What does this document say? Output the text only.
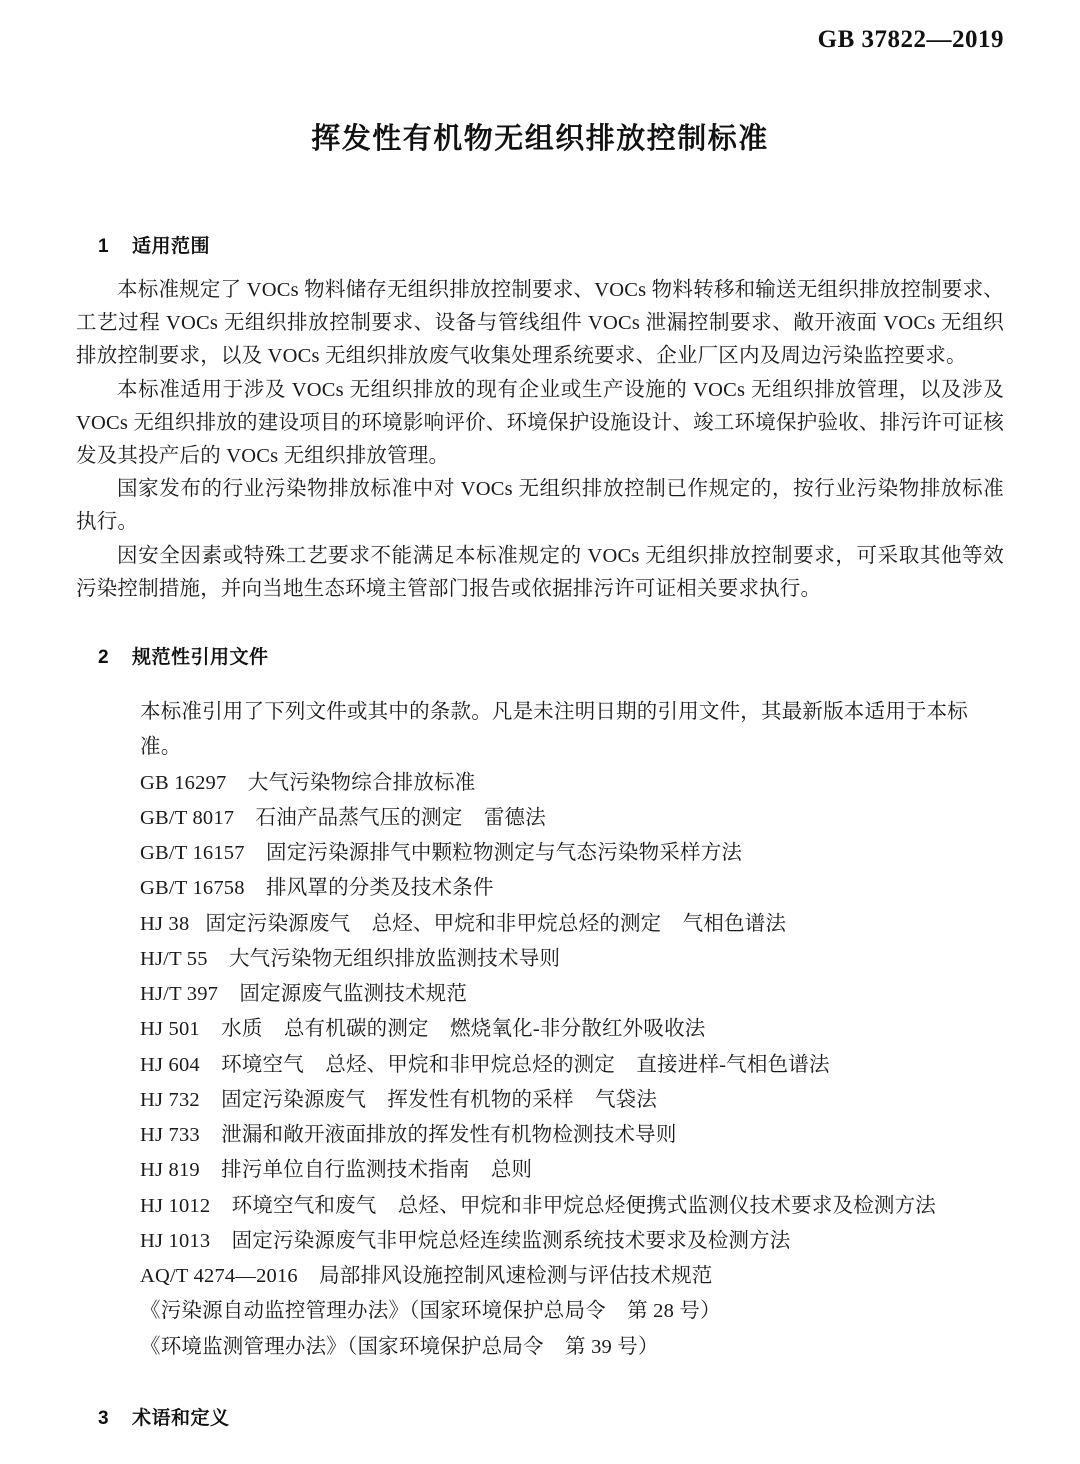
GB 37822—2019
挥发性有机物无组织排放控制标准
1 适用范围

本标准规定了 VOCs 物料储存无组织排放控制要求、VOCs 物料转移和输送无组织排放控制要求、工艺过程 VOCs 无组织排放控制要求、设备与管线组件 VOCs 泄漏控制要求、敞开液面 VOCs 无组织排放控制要求，以及 VOCs 无组织排放废气收集处理系统要求、企业厂区内及周边污染监控要求。

本标准适用于涉及 VOCs 无组织排放的现有企业或生产设施的 VOCs 无组织排放管理，以及涉及 VOCs 无组织排放的建设项目的环境影响评价、环境保护设施设计、竣工环境保护验收、排污许可证核发及其投产后的 VOCs 无组织排放管理。

国家发布的行业污染物排放标准中对 VOCs 无组织排放控制已作规定的，按行业污染物排放标准执行。

因安全因素或特殊工艺要求不能满足本标准规定的 VOCs 无组织排放控制要求，可采取其他等效污染控制措施，并向当地生态环境主管部门报告或依据排污许可证相关要求执行。

2 规范性引用文件
本标准引用了下列文件或其中的条款。凡是未注明日期的引用文件，其最新版本适用于本标准。
GB 16297    大气污染物综合排放标准
GB/T 8017    石油产品蒸气压的测定    雷德法
GB/T 16157    固定污染源排气中颗粒物测定与气态污染物采样方法
GB/T 16758    排风罩的分类及技术条件
HJ 38   固定污染源废气    总烃、甲烷和非甲烷总烃的测定    气相色谱法
HJ/T 55    大气污染物无组织排放监测技术导则
HJ/T 397    固定源废气监测技术规范
HJ 501    水质    总有机碳的测定    燃烧氧化-非分散红外吸收法
HJ 604    环境空气    总烃、甲烷和非甲烷总烃的测定    直接进样-气相色谱法
HJ 732    固定污染源废气    挥发性有机物的采样    气袋法
HJ 733    泄漏和敞开液面排放的挥发性有机物检测技术导则
HJ 819    排污单位自行监测技术指南    总则
HJ 1012    环境空气和废气    总烃、甲烷和非甲烷总烃便携式监测仪技术要求及检测方法
HJ 1013    固定污染源废气非甲烷总烃连续监测系统技术要求及检测方法
AQ/T 4274—2016    局部排风设施控制风速检测与评估技术规范
《污染源自动监控管理办法》（国家环境保护总局令    第 28 号）
《环境监测管理办法》（国家环境保护总局令    第 39 号）
3 术语和定义
